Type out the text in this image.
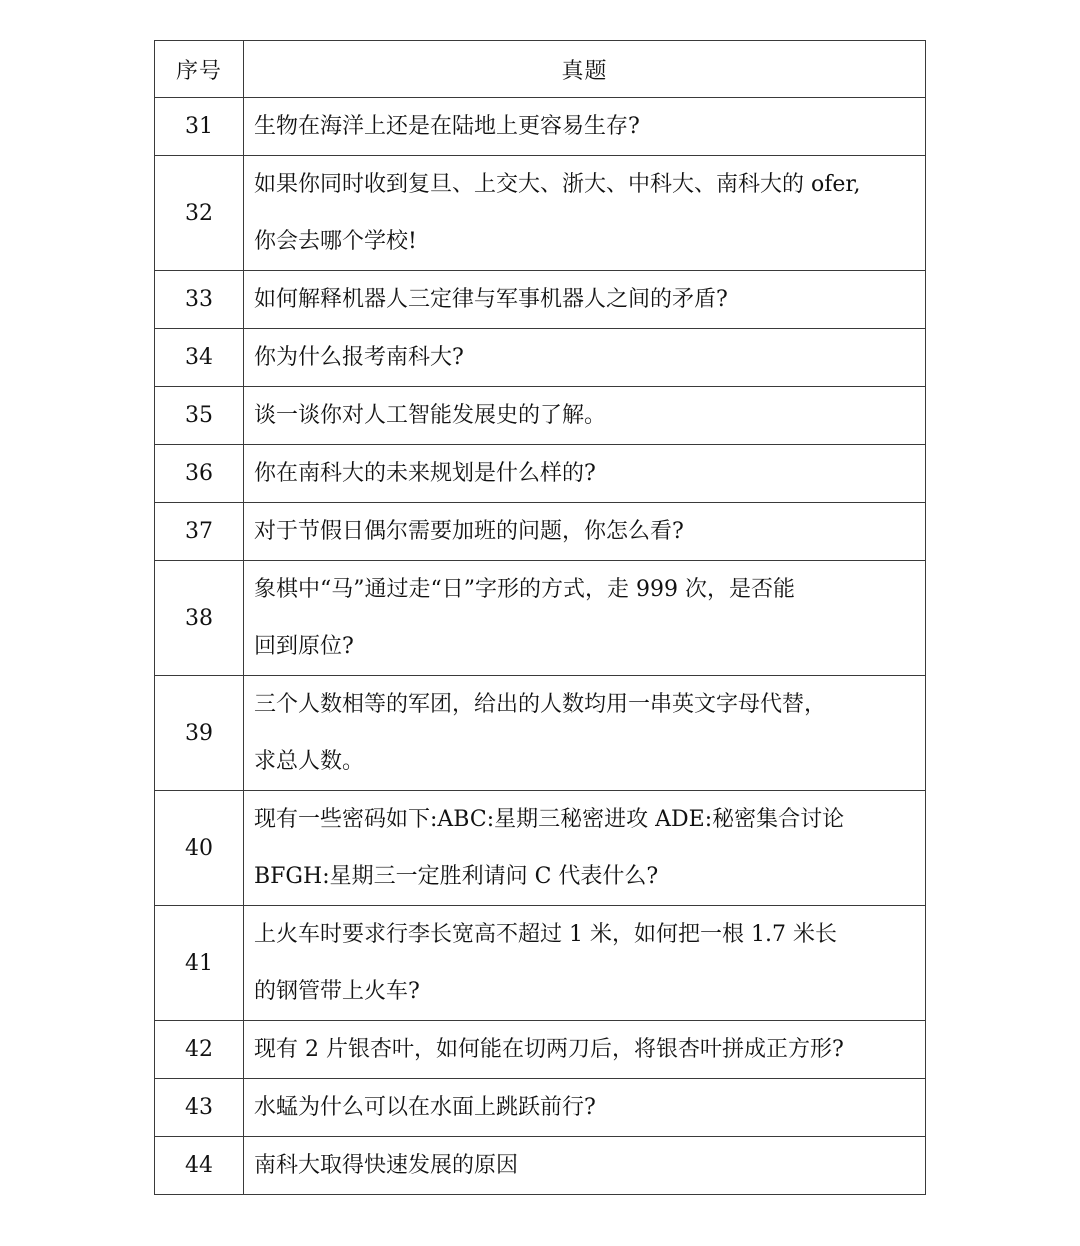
序号	真题
31	生物在海洋上还是在陆地上更容易生存?

32	如果你同时收到复旦、上交大、浙大、中科大、南科大的 ofer,
你会去哪个学校!

33	如何解释机器人三定律与军事机器人之间的矛盾?

34	你为什么报考南科大?

35	谈一谈你对人工智能发展史的了解。

36	你在南科大的未来规划是什么样的?

37	对于节假日偶尔需要加班的问题，你怎么看?

38	象棋中“马”通过走“日”字形的方式，走 999 次，是否能
回到原位?

39	三个人数相等的军团，给出的人数均用一串英文字母代替，
求总人数。

40	现有一些密码如下:ABC:星期三秘密进攻 ADE:秘密集合讨论
BFGH:星期三一定胜利请问 C 代表什么?

41	上火车时要求行李长宽高不超过 1 米，如何把一根 1.7 米长
的钢管带上火车?

42	现有 2 片银杏叶，如何能在切两刀后，将银杏叶拼成正方形?

43	水蜢为什么可以在水面上跳跃前行?

44	南科大取得快速发展的原因
